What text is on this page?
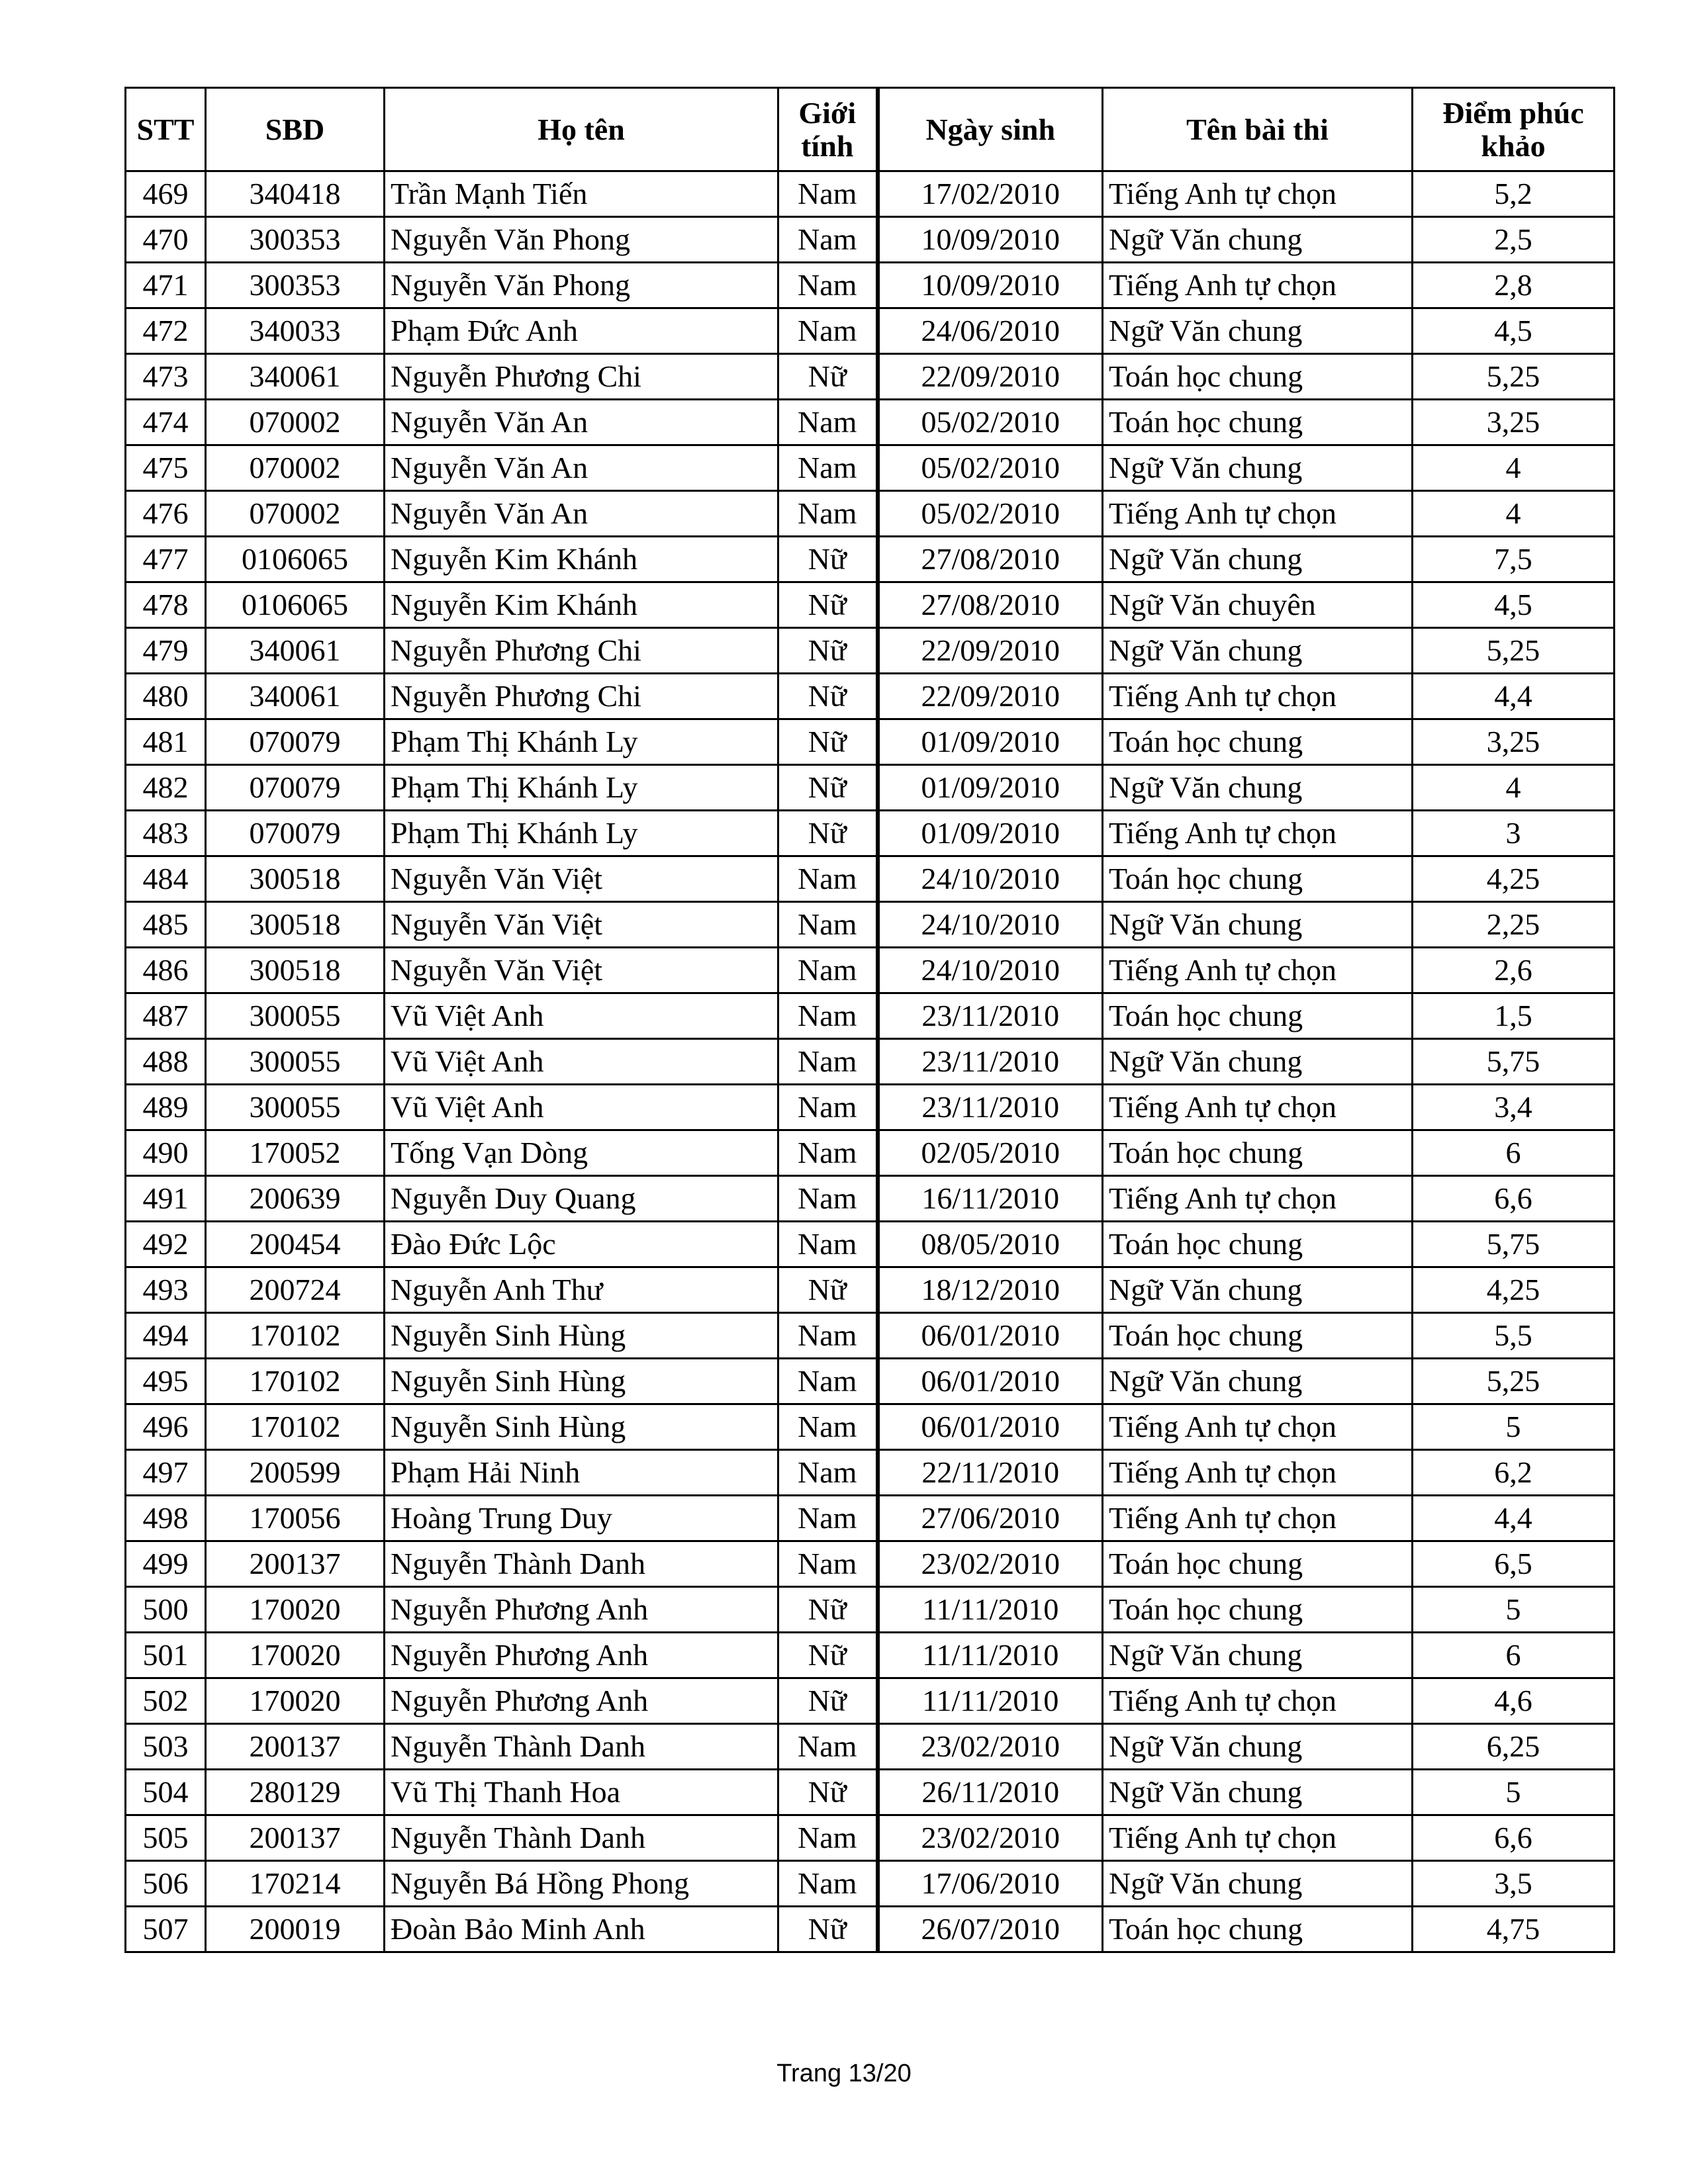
STT	SBD	Họ tên	Giới tính	Ngày sinh	Tên bài thi	Điểm phúc khảo
469	340418	Trần Mạnh Tiến	Nam	17/02/2010	Tiếng Anh tự chọn	5,2
470	300353	Nguyễn Văn Phong	Nam	10/09/2010	Ngữ Văn chung	2,5
471	300353	Nguyễn Văn Phong	Nam	10/09/2010	Tiếng Anh tự chọn	2,8
472	340033	Phạm Đức Anh	Nam	24/06/2010	Ngữ Văn chung	4,5
473	340061	Nguyễn Phương Chi	Nữ	22/09/2010	Toán học chung	5,25
474	070002	Nguyễn Văn An	Nam	05/02/2010	Toán học chung	3,25
475	070002	Nguyễn Văn An	Nam	05/02/2010	Ngữ Văn chung	4
476	070002	Nguyễn Văn An	Nam	05/02/2010	Tiếng Anh tự chọn	4
477	0106065	Nguyễn Kim Khánh	Nữ	27/08/2010	Ngữ Văn chung	7,5
478	0106065	Nguyễn Kim Khánh	Nữ	27/08/2010	Ngữ Văn chuyên	4,5
479	340061	Nguyễn Phương Chi	Nữ	22/09/2010	Ngữ Văn chung	5,25
480	340061	Nguyễn Phương Chi	Nữ	22/09/2010	Tiếng Anh tự chọn	4,4
481	070079	Phạm Thị Khánh Ly	Nữ	01/09/2010	Toán học chung	3,25
482	070079	Phạm Thị Khánh Ly	Nữ	01/09/2010	Ngữ Văn chung	4
483	070079	Phạm Thị Khánh Ly	Nữ	01/09/2010	Tiếng Anh tự chọn	3
484	300518	Nguyễn Văn Việt	Nam	24/10/2010	Toán học chung	4,25
485	300518	Nguyễn Văn Việt	Nam	24/10/2010	Ngữ Văn chung	2,25
486	300518	Nguyễn Văn Việt	Nam	24/10/2010	Tiếng Anh tự chọn	2,6
487	300055	Vũ Việt Anh	Nam	23/11/2010	Toán học chung	1,5
488	300055	Vũ Việt Anh	Nam	23/11/2010	Ngữ Văn chung	5,75
489	300055	Vũ Việt Anh	Nam	23/11/2010	Tiếng Anh tự chọn	3,4
490	170052	Tống Vạn Dòng	Nam	02/05/2010	Toán học chung	6
491	200639	Nguyễn Duy Quang	Nam	16/11/2010	Tiếng Anh tự chọn	6,6
492	200454	Đào Đức Lộc	Nam	08/05/2010	Toán học chung	5,75
493	200724	Nguyễn Anh Thư	Nữ	18/12/2010	Ngữ Văn chung	4,25
494	170102	Nguyễn Sinh Hùng	Nam	06/01/2010	Toán học chung	5,5
495	170102	Nguyễn Sinh Hùng	Nam	06/01/2010	Ngữ Văn chung	5,25
496	170102	Nguyễn Sinh Hùng	Nam	06/01/2010	Tiếng Anh tự chọn	5
497	200599	Phạm Hải Ninh	Nam	22/11/2010	Tiếng Anh tự chọn	6,2
498	170056	Hoàng Trung Duy	Nam	27/06/2010	Tiếng Anh tự chọn	4,4
499	200137	Nguyễn Thành Danh	Nam	23/02/2010	Toán học chung	6,5
500	170020	Nguyễn Phương Anh	Nữ	11/11/2010	Toán học chung	5
501	170020	Nguyễn Phương Anh	Nữ	11/11/2010	Ngữ Văn chung	6
502	170020	Nguyễn Phương Anh	Nữ	11/11/2010	Tiếng Anh tự chọn	4,6
503	200137	Nguyễn Thành Danh	Nam	23/02/2010	Ngữ Văn chung	6,25
504	280129	Vũ Thị Thanh Hoa	Nữ	26/11/2010	Ngữ Văn chung	5
505	200137	Nguyễn Thành Danh	Nam	23/02/2010	Tiếng Anh tự chọn	6,6
506	170214	Nguyễn Bá Hồng Phong	Nam	17/06/2010	Ngữ Văn chung	3,5
507	200019	Đoàn Bảo Minh Anh	Nữ	26/07/2010	Toán học chung	4,75
Trang 13/20
